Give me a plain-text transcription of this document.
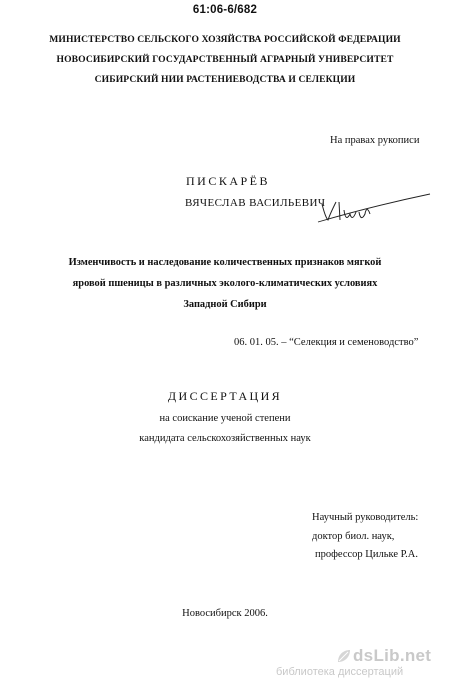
61:06-6/682
МИНИСТЕРСТВО СЕЛЬСКОГО ХОЗЯЙСТВА РОССИЙСКОЙ ФЕДЕРАЦИИ
НОВОСИБИРСКИЙ ГОСУДАРСТВЕННЫЙ АГРАРНЫЙ УНИВЕРСИТЕТ
СИБИРСКИЙ НИИ РАСТЕНИЕВОДСТВА И СЕЛЕКЦИИ
На правах рукописи
ПИСКАРЁВ
ВЯЧЕСЛАВ ВАСИЛЬЕВИЧ
Изменчивость и наследование количественных признаков мягкой
яровой пшеницы в различных эколого-климатических условиях
Западной Сибири
06. 01. 05. – “Селекция и семеноводство”
ДИССЕРТАЦИЯ
на соискание ученой степени
кандидата сельскохозяйственных наук
Научный руководитель:
доктор биол. наук,
профессор Цильке Р.А.
Новосибирск 2006.
dsLib.net
библиотека диссертаций
